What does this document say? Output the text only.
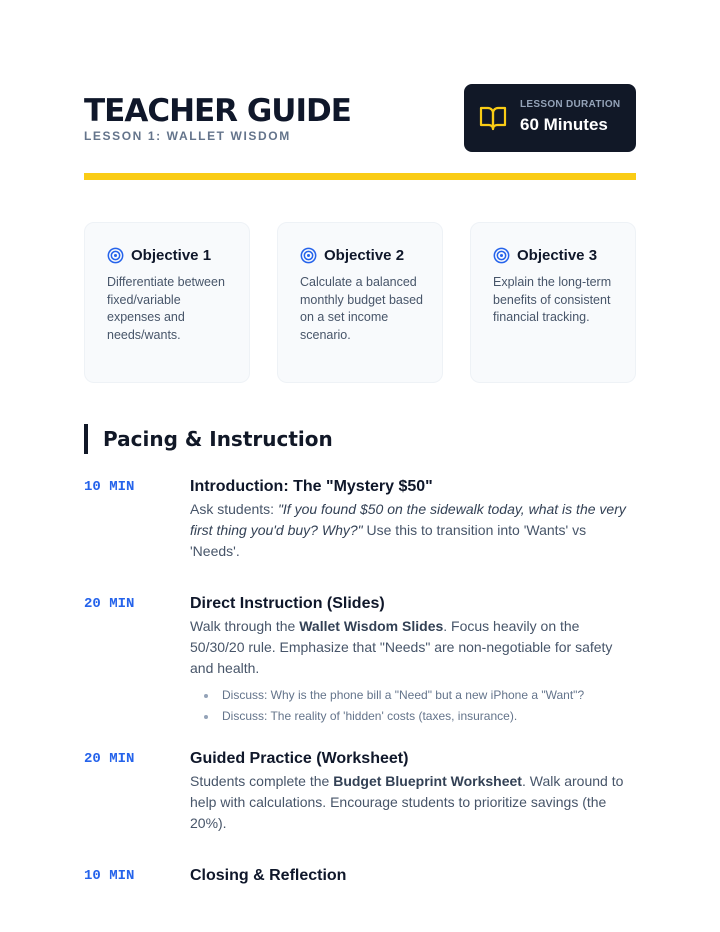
TEACHER GUIDE
LESSON 1: WALLET WISDOM
LESSON DURATION
60 Minutes
Objective 1
Differentiate between fixed/variable expenses and needs/wants.
Objective 2
Calculate a balanced monthly budget based on a set income scenario.
Objective 3
Explain the long-term benefits of consistent financial tracking.
Pacing & Instruction
10 MIN	Introduction: The "Mystery $50"
Ask students: "If you found $50 on the sidewalk today, what is the very first thing you'd buy? Why?" Use this to transition into 'Wants' vs 'Needs'.
20 MIN	Direct Instruction (Slides)
Walk through the Wallet Wisdom Slides. Focus heavily on the 50/30/20 rule. Emphasize that "Needs" are non-negotiable for safety and health.
Discuss: Why is the phone bill a "Need" but a new iPhone a "Want"?
Discuss: The reality of 'hidden' costs (taxes, insurance).
20 MIN	Guided Practice (Worksheet)
Students complete the Budget Blueprint Worksheet. Walk around to help with calculations. Encourage students to prioritize savings (the 20%).
10 MIN	Closing & Reflection
